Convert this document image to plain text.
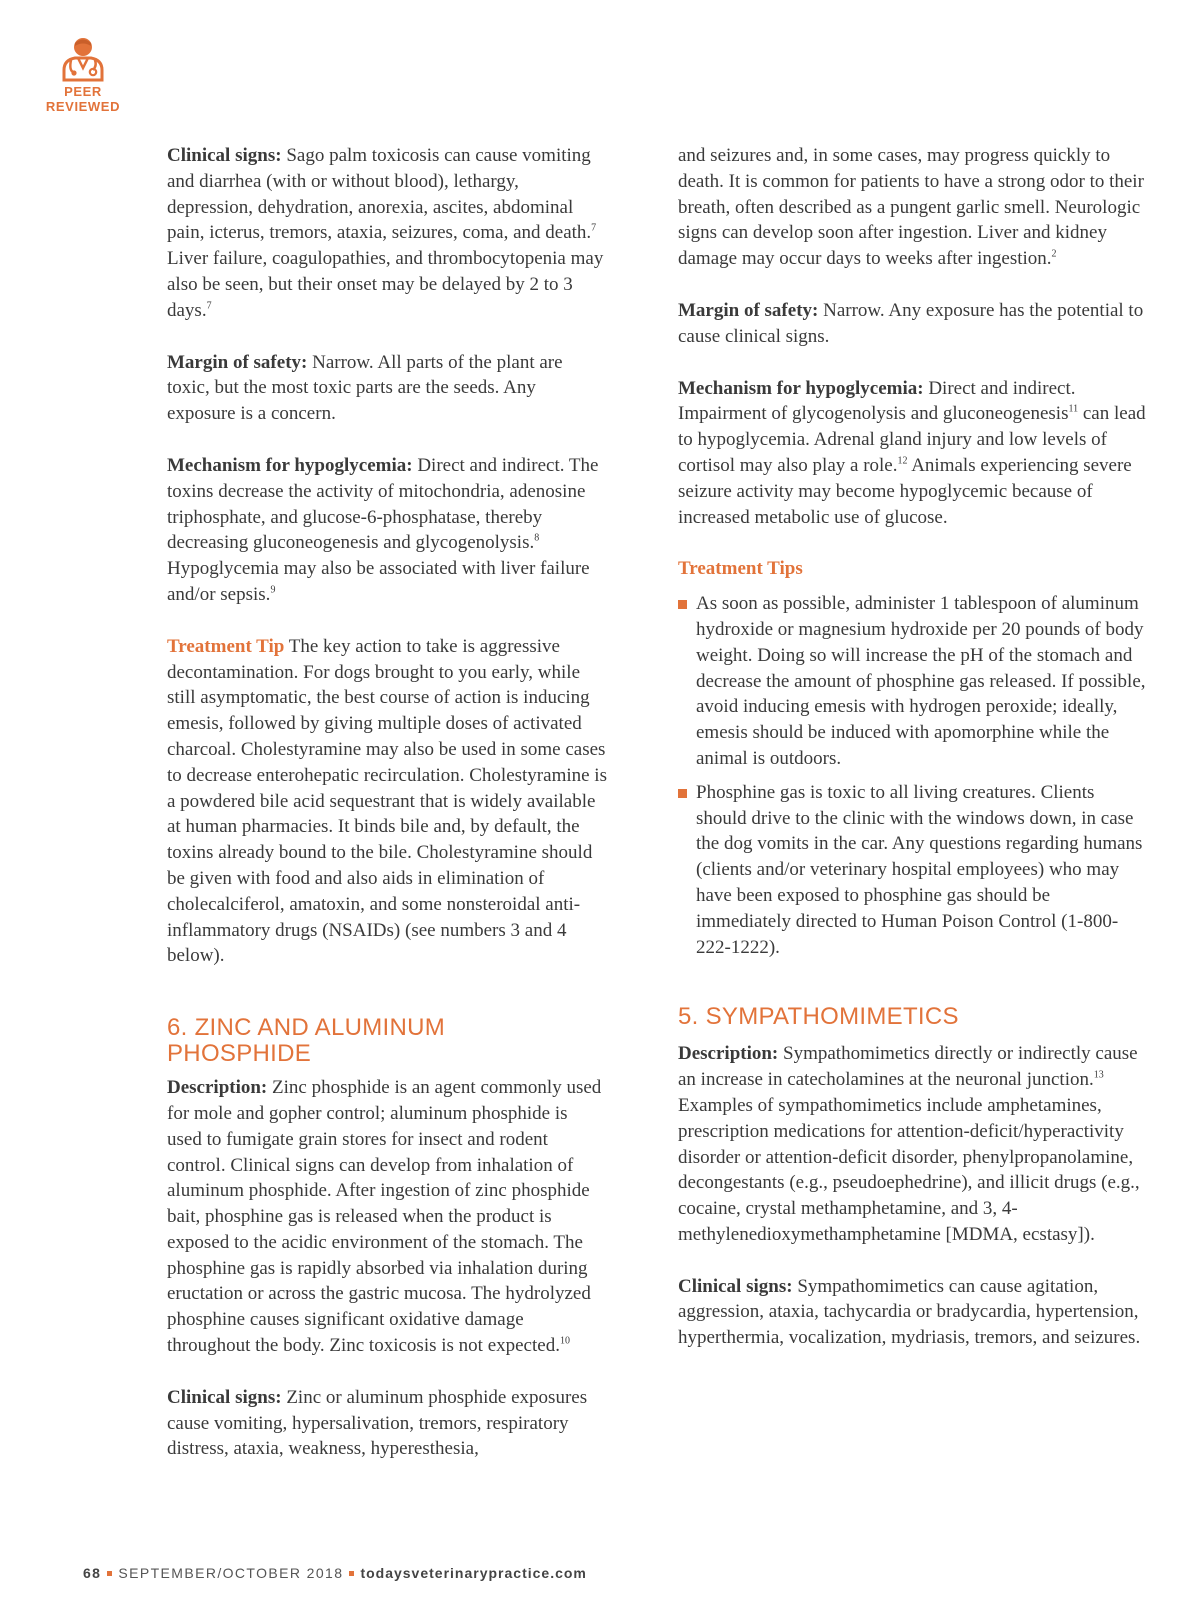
PEER
REVIEWED

Clinical signs: Sago palm toxicosis can cause vomiting and diarrhea (with or without blood), lethargy, depression, dehydration, anorexia, ascites, abdominal pain, icterus, tremors, ataxia, seizures, coma, and death.$^7$ Liver failure, coagulopathies, and thrombocytopenia may also be seen, but their onset may be delayed by 2 to 3 days.$^7$

Margin of safety: Narrow. All parts of the plant are toxic, but the most toxic parts are the seeds. Any exposure is a concern.

Mechanism for hypoglycemia: Direct and indirect. The toxins decrease the activity of mitochondria, adenosine triphosphate, and glucose-6-phosphatase, thereby decreasing gluconeogenesis and glycogenolysis.$^8$ Hypoglycemia may also be associated with liver failure and/or sepsis.$^9$

Treatment Tip The key action to take is aggressive decontamination. For dogs brought to you early, while still asymptomatic, the best course of action is inducing emesis, followed by giving multiple doses of activated charcoal. Cholestyramine may also be used in some cases to decrease enterohepatic recirculation. Cholestyramine is a powdered bile acid sequestrant that is widely available at human pharmacies. It binds bile and, by default, the toxins already bound to the bile. Cholestyramine should be given with food and also aids in elimination of cholecalciferol, amatoxin, and some nonsteroidal anti-inflammatory drugs (NSAIDs) (see numbers 3 and 4 below).

6. ZINC AND ALUMINUM
PHOSPHIDE

Description: Zinc phosphide is an agent commonly used for mole and gopher control; aluminum phosphide is used to fumigate grain stores for insect and rodent control. Clinical signs can develop from inhalation of aluminum phosphide. After ingestion of zinc phosphide bait, phosphine gas is released when the product is exposed to the acidic environment of the stomach. The phosphine gas is rapidly absorbed via inhalation during eructation or across the gastric mucosa. The hydrolyzed phosphine causes significant oxidative damage throughout the body. Zinc toxicosis is not expected.$^{10}$

Clinical signs: Zinc or aluminum phosphide exposures cause vomiting, hypersalivation, tremors, respiratory distress, ataxia, weakness, hyperesthesia,

and seizures and, in some cases, may progress quickly to death. It is common for patients to have a strong odor to their breath, often described as a pungent garlic smell. Neurologic signs can develop soon after ingestion. Liver and kidney damage may occur days to weeks after ingestion.$^2$

Margin of safety: Narrow. Any exposure has the potential to cause clinical signs.

Mechanism for hypoglycemia: Direct and indirect. Impairment of glycogenolysis and gluconeogenesis$^{11}$ can lead to hypoglycemia. Adrenal gland injury and low levels of cortisol may also play a role.$^{12}$ Animals experiencing severe seizure activity may become hypoglycemic because of increased metabolic use of glucose.

Treatment Tips
As soon as possible, administer 1 tablespoon of aluminum hydroxide or magnesium hydroxide per 20 pounds of body weight. Doing so will increase the pH of the stomach and decrease the amount of phosphine gas released. If possible, avoid inducing emesis with hydrogen peroxide; ideally, emesis should be induced with apomorphine while the animal is outdoors.
Phosphine gas is toxic to all living creatures. Clients should drive to the clinic with the windows down, in case the dog vomits in the car. Any questions regarding humans (clients and/or veterinary hospital employees) who may have been exposed to phosphine gas should be immediately directed to Human Poison Control (1-800-222-1222).
5. SYMPATHOMIMETICS

Description: Sympathomimetics directly or indirectly cause an increase in catecholamines at the neuronal junction.$^{13}$ Examples of sympathomimetics include amphetamines, prescription medications for attention-deficit/hyperactivity disorder or attention-deficit disorder, phenylpropanolamine, decongestants (e.g., pseudoephedrine), and illicit drugs (e.g., cocaine, crystal methamphetamine, and 3, 4-methylenedioxymethamphetamine [MDMA, ecstasy]).

Clinical signs: Sympathomimetics can cause agitation, aggression, ataxia, tachycardia or bradycardia, hypertension, hyperthermia, vocalization, mydriasis, tremors, and seizures.

68 SEPTEMBER/OCTOBER 2018 todaysveterinarypractice.com
